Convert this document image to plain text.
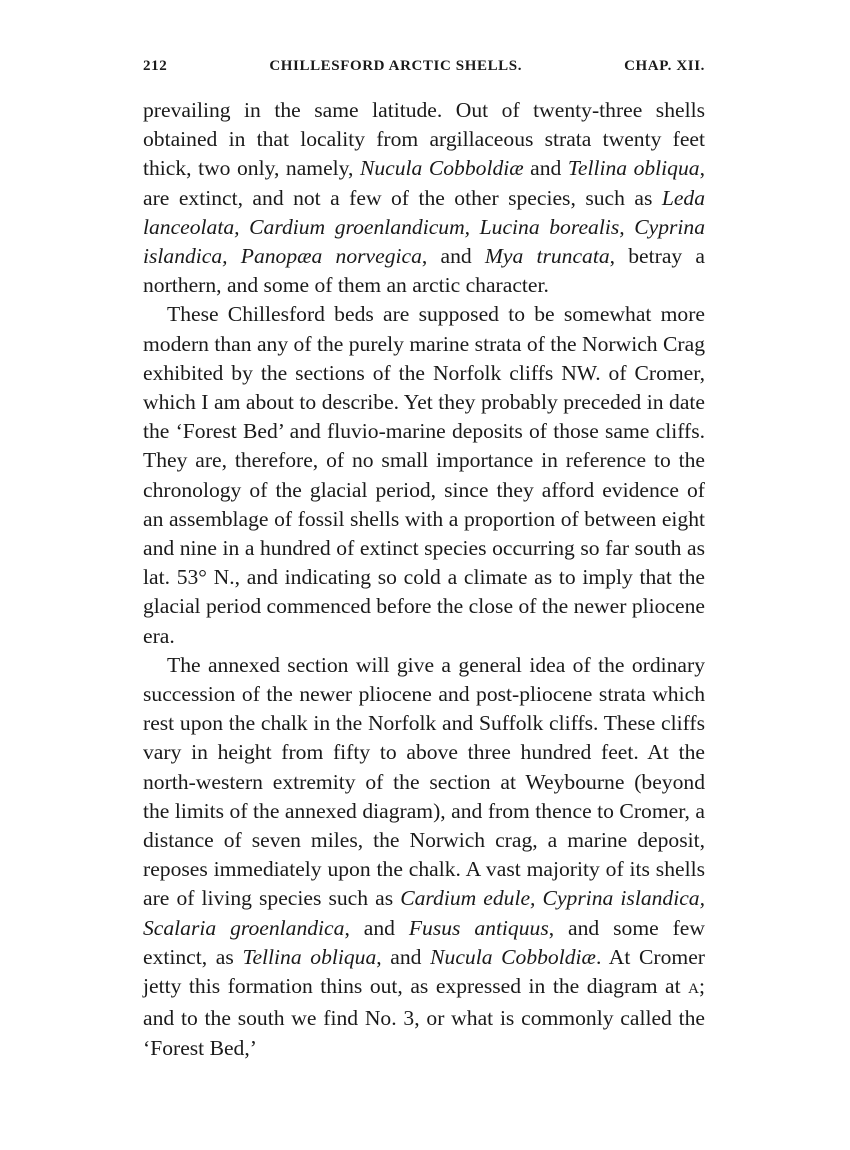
212	CHILLESFORD ARCTIC SHELLS.	CHAP. XII.

prevailing in the same latitude. Out of twenty-three shells obtained in that locality from argillaceous strata twenty feet thick, two only, namely, Nucula Cobboldiæ and Tellina obliqua, are extinct, and not a few of the other species, such as Leda lanceolata, Cardium groenlandicum, Lucina borealis, Cyprina islandica, Panopæa norvegica, and Mya truncata, betray a northern, and some of them an arctic character.

These Chillesford beds are supposed to be somewhat more modern than any of the purely marine strata of the Norwich Crag exhibited by the sections of the Norfolk cliffs NW. of Cromer, which I am about to describe. Yet they probably preceded in date the ‘Forest Bed’ and fluvio-marine deposits of those same cliffs. They are, therefore, of no small importance in reference to the chronology of the glacial period, since they afford evidence of an assemblage of fossil shells with a proportion of between eight and nine in a hundred of extinct species occurring so far south as lat. 53° N., and indicating so cold a climate as to imply that the glacial period commenced before the close of the newer pliocene era.

The annexed section will give a general idea of the ordinary succession of the newer pliocene and post-pliocene strata which rest upon the chalk in the Norfolk and Suffolk cliffs. These cliffs vary in height from fifty to above three hundred feet. At the north-western extremity of the section at Weybourne (beyond the limits of the annexed diagram), and from thence to Cromer, a distance of seven miles, the Norwich crag, a marine deposit, reposes immediately upon the chalk. A vast majority of its shells are of living species such as Cardium edule, Cyprina islandica, Scalaria groenlandica, and Fusus antiquus, and some few extinct, as Tellina obliqua, and Nucula Cobboldiæ. At Cromer jetty this formation thins out, as expressed in the diagram at A; and to the south we find No. 3, or what is commonly called the ‘Forest Bed,’
